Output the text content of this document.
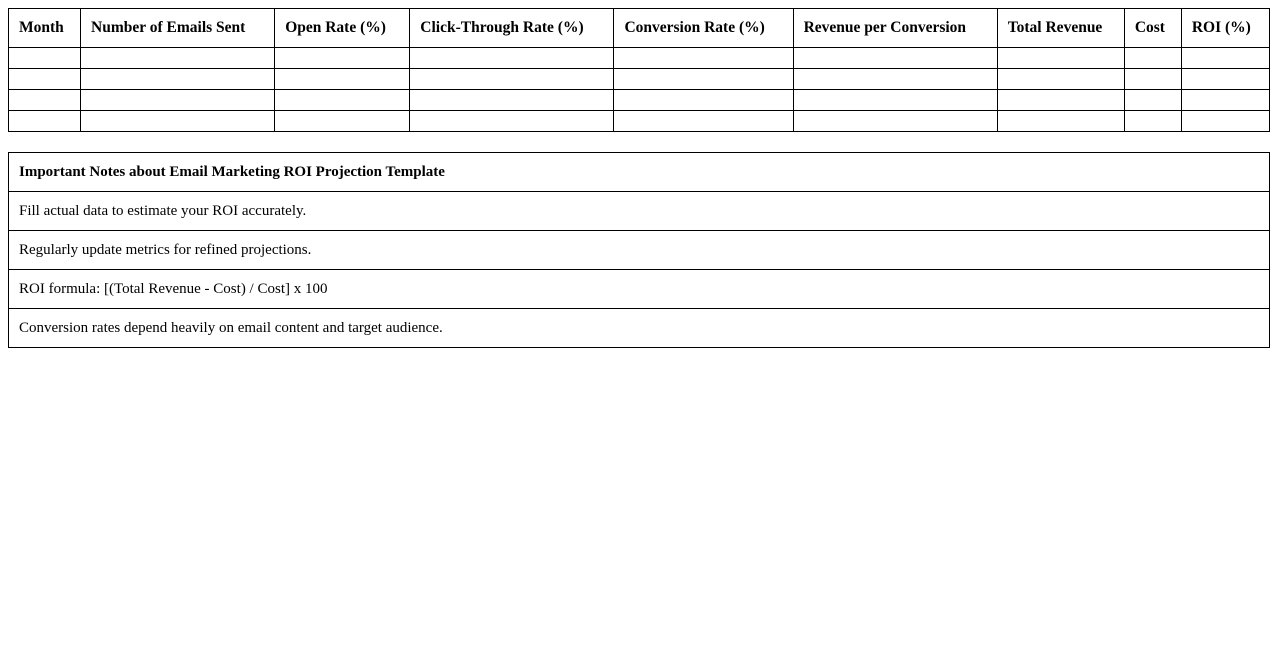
Month	Number of Emails Sent	Open Rate (%)	Click-Through Rate (%)	Conversion Rate (%)	Revenue per Conversion	Total Revenue	Cost	ROI (%)

Important Notes about Email Marketing ROI Projection Template
Fill actual data to estimate your ROI accurately.
Regularly update metrics for refined projections.
ROI formula: [(Total Revenue - Cost) / Cost] x 100
Conversion rates depend heavily on email content and target audience.
